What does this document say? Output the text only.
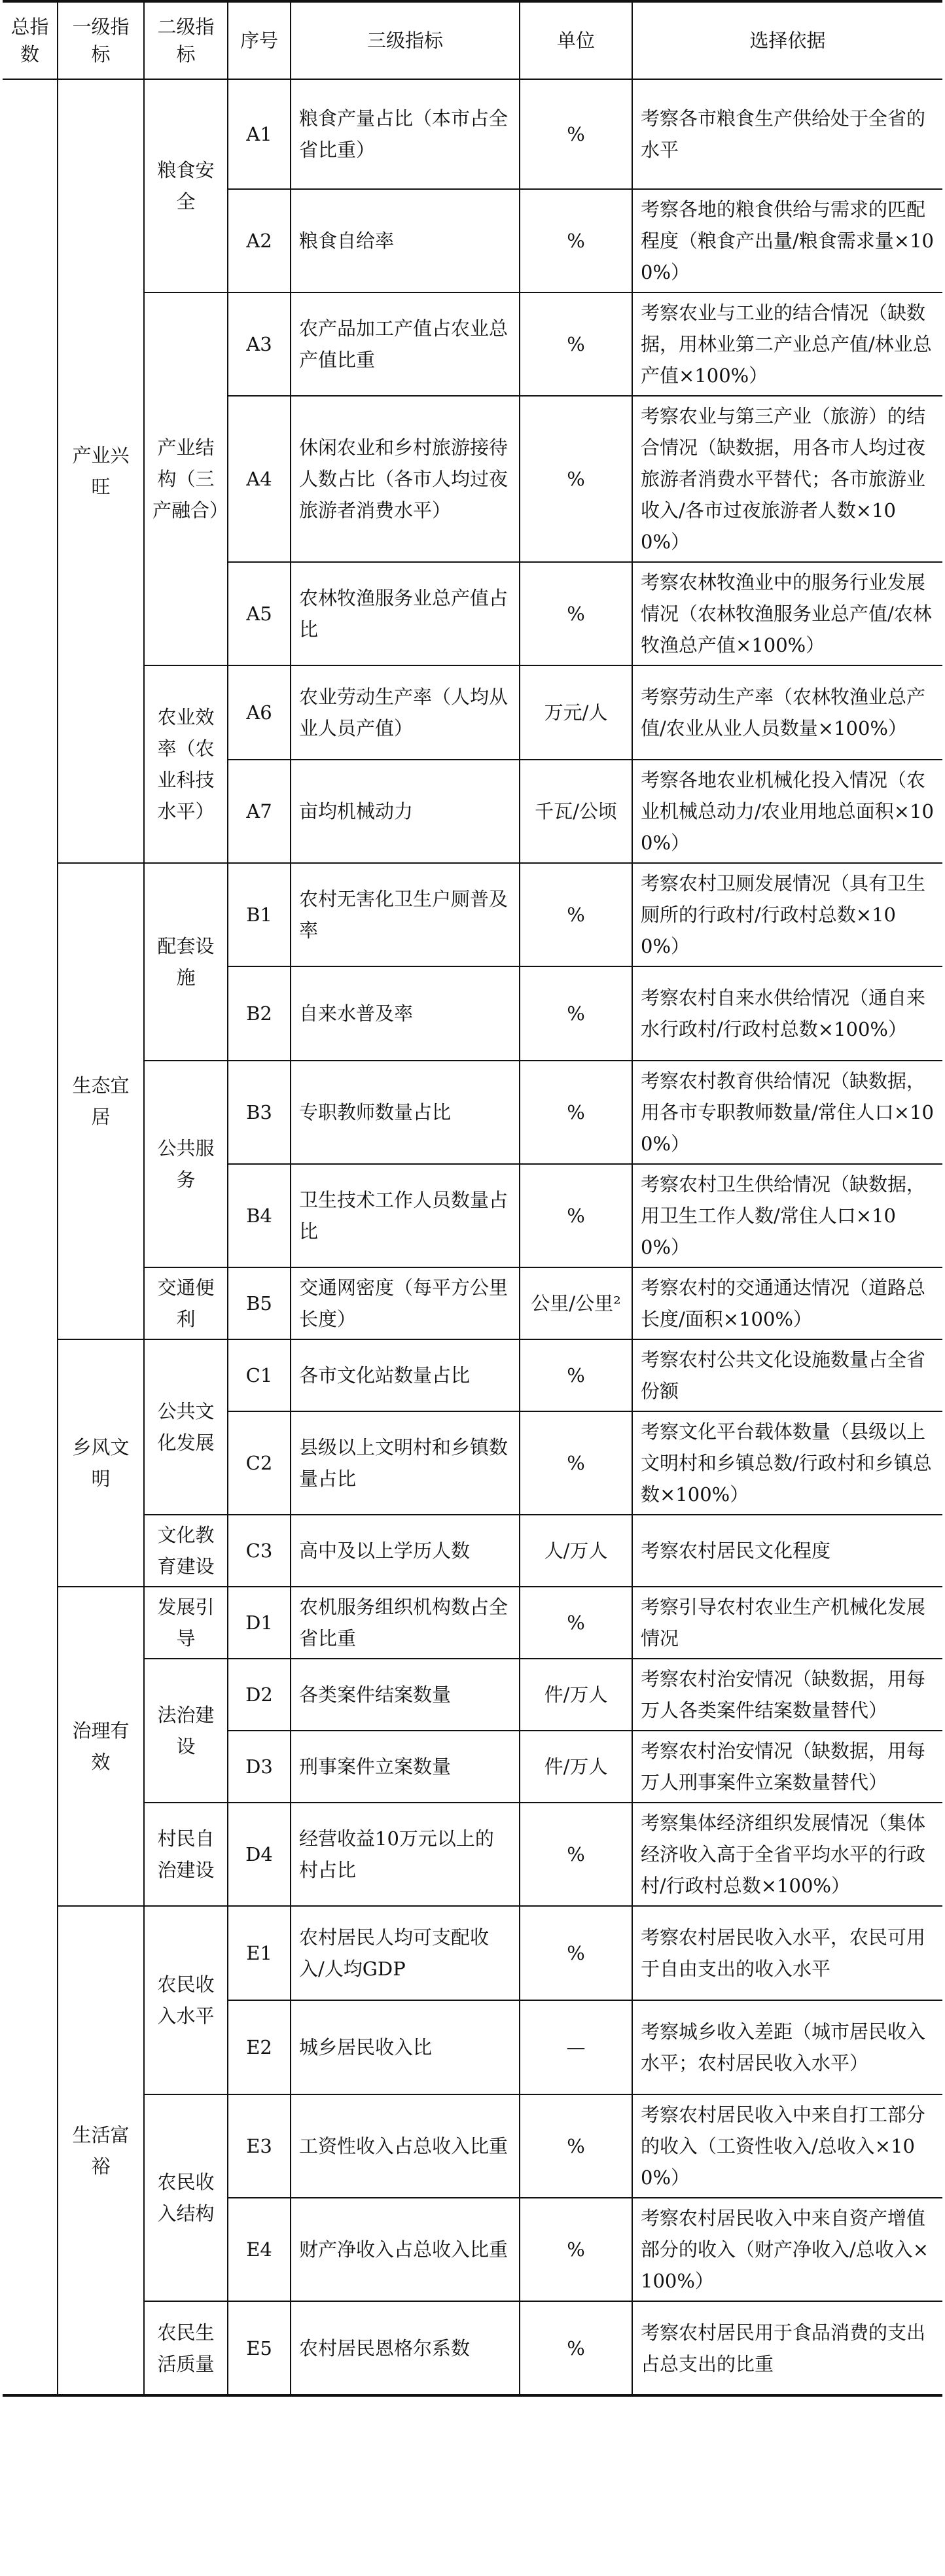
总指数	一级指标	二级指标	序号	三级指标	单位	选择依据
	产业兴旺	粮食安全	A1	粮食产量占比（本市占全省比重）	%	考察各市粮食生产供给处于全省的水平
			A2	粮食自给率	%	考察各地的粮食供给与需求的匹配程度（粮食产出量/粮食需求量×100%）
		产业结构（三产融合）	A3	农产品加工产值占农业总产值比重	%	考察农业与工业的结合情况（缺数据，用林业第二产业总产值/林业总产值×100%）
			A4	休闲农业和乡村旅游接待人数占比（各市人均过夜旅游者消费水平）	%	考察农业与第三产业（旅游）的结合情况（缺数据，用各市人均过夜旅游者消费水平替代；各市旅游业收入/各市过夜旅游者人数×100%）
			A5	农林牧渔服务业总产值占比	%	考察农林牧渔业中的服务行业发展情况（农林牧渔服务业总产值/农林牧渔总产值×100%）
		农业效率（农业科技水平）	A6	农业劳动生产率（人均从业人员产值）	万元/人	考察劳动生产率（农林牧渔业总产值/农业从业人员数量×100%）
			A7	亩均机械动力	千瓦/公顷	考察各地农业机械化投入情况（农业机械总动力/农业用地总面积×100%）
	生态宜居	配套设施	B1	农村无害化卫生户厕普及率	%	考察农村卫厕发展情况（具有卫生厕所的行政村/行政村总数×100%）
			B2	自来水普及率	%	考察农村自来水供给情况（通自来水行政村/行政村总数×100%）
		公共服务	B3	专职教师数量占比	%	考察农村教育供给情况（缺数据，用各市专职教师数量/常住人口×100%）
			B4	卫生技术工作人员数量占比	%	考察农村卫生供给情况（缺数据，用卫生工作人数/常住人口×100%）
		交通便利	B5	交通网密度（每平方公里长度）	公里/公里²	考察农村的交通通达情况（道路总长度/面积×100%）
	乡风文明	公共文化发展	C1	各市文化站数量占比	%	考察农村公共文化设施数量占全省份额
			C2	县级以上文明村和乡镇数量占比	%	考察文化平台载体数量（县级以上文明村和乡镇总数/行政村和乡镇总数×100%）
		文化教育建设	C3	高中及以上学历人数	人/万人	考察农村居民文化程度
	治理有效	发展引导	D1	农机服务组织机构数占全省比重	%	考察引导农村农业生产机械化发展情况
		法治建设	D2	各类案件结案数量	件/万人	考察农村治安情况（缺数据，用每万人各类案件结案数量替代）
			D3	刑事案件立案数量	件/万人	考察农村治安情况（缺数据，用每万人刑事案件立案数量替代）
		村民自治建设	D4	经营收益10万元以上的村占比	%	考察集体经济组织发展情况（集体经济收入高于全省平均水平的行政村/行政村总数×100%）
	生活富裕	农民收入水平	E1	农村居民人均可支配收入/人均GDP	%	考察农村居民收入水平，农民可用于自由支出的收入水平
			E2	城乡居民收入比	—	考察城乡收入差距（城市居民收入水平；农村居民收入水平）
		农民收入结构	E3	工资性收入占总收入比重	%	考察农村居民收入中来自打工部分的收入（工资性收入/总收入×100%）
			E4	财产净收入占总收入比重	%	考察农村居民收入中来自资产增值部分的收入（财产净收入/总收入×100%）
		农民生活质量	E5	农村居民恩格尔系数	%	考察农村居民用于食品消费的支出占总支出的比重
